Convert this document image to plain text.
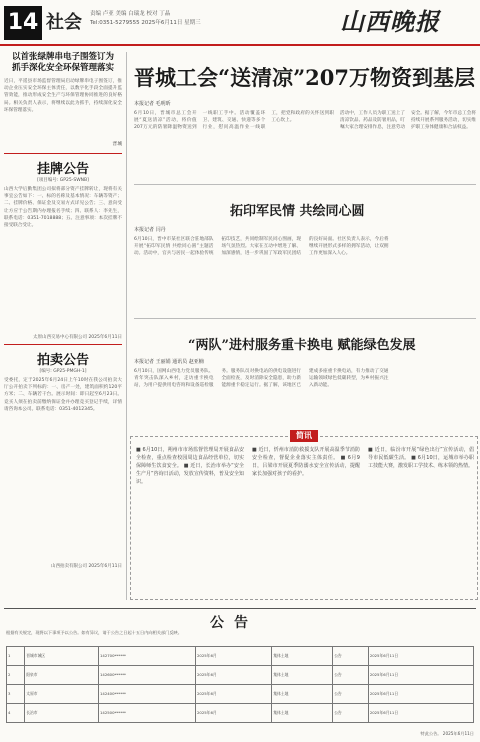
14 社会 责编 卢亚 美编 白瑞龙 校对 丁晶
Tel:0351-5279555 2025年6月11日 星期三	山西晚报
以首张绿牌串电子围签订为抓手深化安全环保管理落实
近日，平遥县市场监督管理局启动绿牌串电子围签订，推动企业压实安全环保主体责任，以数字化手段全面提升监管效能，推动形成安全生产与环保管理协同推进的良好格局。相关负责人表示，将继续以此为抓手，持续深化安全环保管理落实。
晋城
挂牌公告
[项目编号: GP25-SWNB]
山西大学后勤集团公司拟将部分资产挂牌转让，现将有关事宜公告如下：一、标的名称及基本情况：车辆等资产；二、挂牌价格、保证金及交易方式详见公告；三、意向受让方应于公告期内办理报名手续；四、联系人：李先生，联系电话：0351-7018888；五、注意事项：本次挂牌不接受联合受让。
太原山西交易中心有限公司 2025年6月11日
拍卖公告
[编号: GP25-PMGH-1]
受委托，定于2025年6月24日上午10时在我公司拍卖大厅公开拍卖下列标的：一、房产一处，建筑面积约120平方米；二、车辆若干台。展示时间：即日起至6月23日。竞买人须在拍卖前缴纳保证金并办理竞买登记手续，详情请咨询本公司。联系电话：0351-4012345。
山西拍卖有限公司 2025年6月11日
晋城工会“送清凉”207万物资到基层
本报记者 毛明昕
6月10日，晋城市总工会开展“夏送清凉”活动，将价值207万元的防暑降温物资送到一线职工手中。活动覆盖环卫、建筑、交通、快递等多个行业，慰问高温作业一线职工，把党和政府的关怀送到职工心坎上。
活动中，工作人员为职工送上了清凉饮品、药品及防暑用品，叮嘱大家合理安排作息，注意劳动安全。据了解，今年市总工会将持续开展系列服务活动，切实维护职工身体健康和合法权益。
拓印军民情 共绘同心圆
本报记者 闫丹
6月10日，晋中市某社区联合驻地部队开展“拓印军民情 共绘同心圆”主题活动。活动中，官兵与居民一起体验传统拓印技艺，共同绘制军民同心图画，现场气氛热烈。大家在互动中增进了解、加深感情，进一步巩固了军政军民团结的良好局面。社区负责人表示，今后将继续开展形式多样的拥军活动，让双拥工作更加深入人心。
“两队”进村服务重卡换电 赋能绿色发展
本报记者 王丽娟 通讯员 赵亚楠
6月10日，国网山西电力党员服务队、青年突击队深入乡村，走访重卡换电站，为用户提供用电咨询和设备巡检服务。服务队员对换电站的供电设施进行全面检查，及时消除安全隐患，助力新能源重卡稳定运行。据了解，该地区已建成多座重卡换电站，有力推动了交通运输领域绿色低碳转型，为乡村振兴注入新动能。
简讯
■ 6月10日，朔州市市场监督管理局开展食品安全检查，重点检查校园周边食品经营单位，切实保障师生饮食安全。 ■ 近日，长治市举办“安全生产月”咨询日活动，发放宣传资料，普及安全知识。
■ 近日，忻州市消防救援支队开展高温季节消防安全检查，督促企业落实主体责任。 ■ 6月9日，吕梁市开展夏季防溺水安全宣传活动，提醒家长加强对孩子的看护。
■ 近日，临汾市开展“绿色出行”宣传活动，倡导市民低碳生活。 ■ 6月10日，运城市举办职工技能大赛，激发职工学技术、练本领的热情。
公告
根据有关规定，现将以下事项予以公告。如有异议，请于公告之日起十五日内向相关部门反映。
1	晋城市城区	142700******	2025年6月	集体土地	公告	2025年6月11日
2	阳泉市	142600******	2025年6月	集体土地	公告	2025年6月11日
3	太原市	142400******	2025年6月	集体土地	公告	2025年6月11日
4	长治市	142500******	2025年6月	集体土地	公告	2025年6月11日
特此公告。 2025年6月11日
